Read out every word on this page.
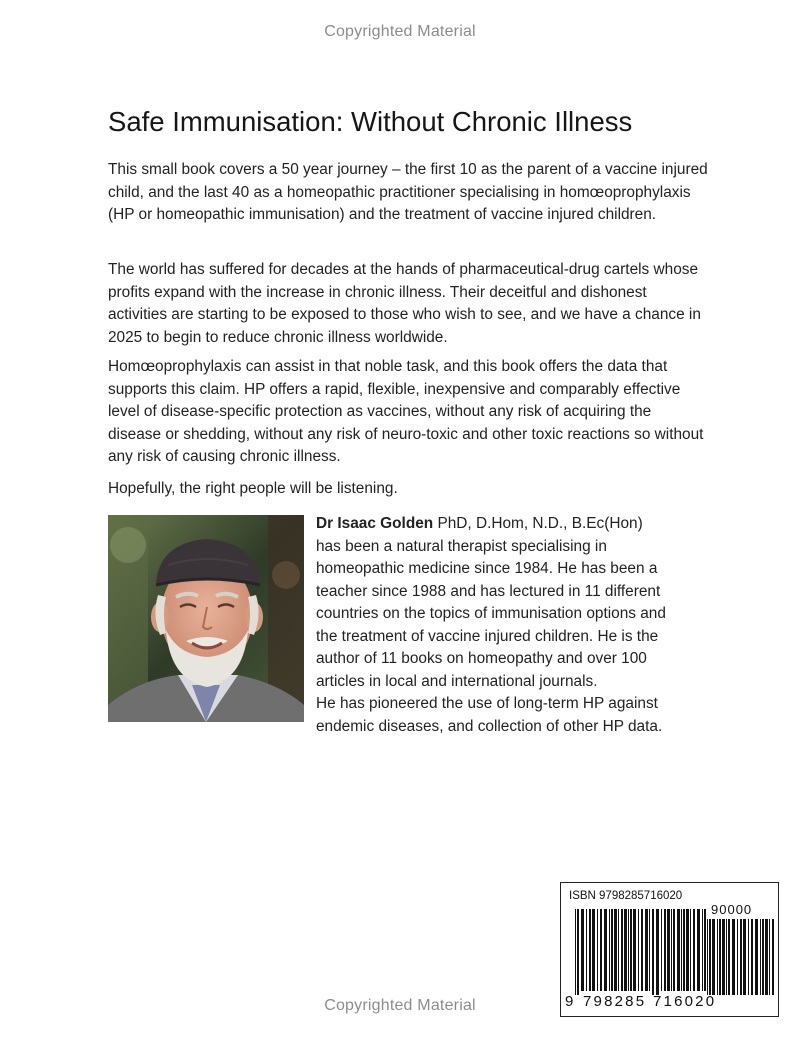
Copyrighted Material
Safe Immunisation: Without Chronic Illness

This small book covers a 50 year journey – the first 10 as the parent of a vaccine injured child, and the last 40 as a homeopathic practitioner specialising in homœoprophylaxis (HP or homeopathic immunisation) and the treatment of vaccine injured children.

The world has suffered for decades at the hands of pharmaceutical-drug cartels whose profits expand with the increase in chronic illness. Their deceitful and dishonest activities are starting to be exposed to those who wish to see, and we have a chance in 2025 to begin to reduce chronic illness worldwide.

Homœoprophylaxis can assist in that noble task, and this book offers the data that supports this claim. HP offers a rapid, flexible, inexpensive and comparably effective level of disease-specific protection as vaccines, without any risk of acquiring the disease or shedding, without any risk of neuro-toxic and other toxic reactions so without any risk of causing chronic illness.

Hopefully, the right people will be listening.

Dr Isaac Golden PhD, D.Hom, N.D., B.Ec(Hon)
has been a natural therapist specialising in
homeopathic medicine since 1984. He has been a
teacher since 1988 and has lectured in 11 different
countries on the topics of immunisation options and
the treatment of vaccine injured children. He is the
author of 11 books on homeopathy and over 100
articles in local and international journals.
He has pioneered the use of long-term HP against
endemic diseases, and collection of other HP data.
ISBN 9798285716020
90000
9 798285 716020
Copyrighted Material
